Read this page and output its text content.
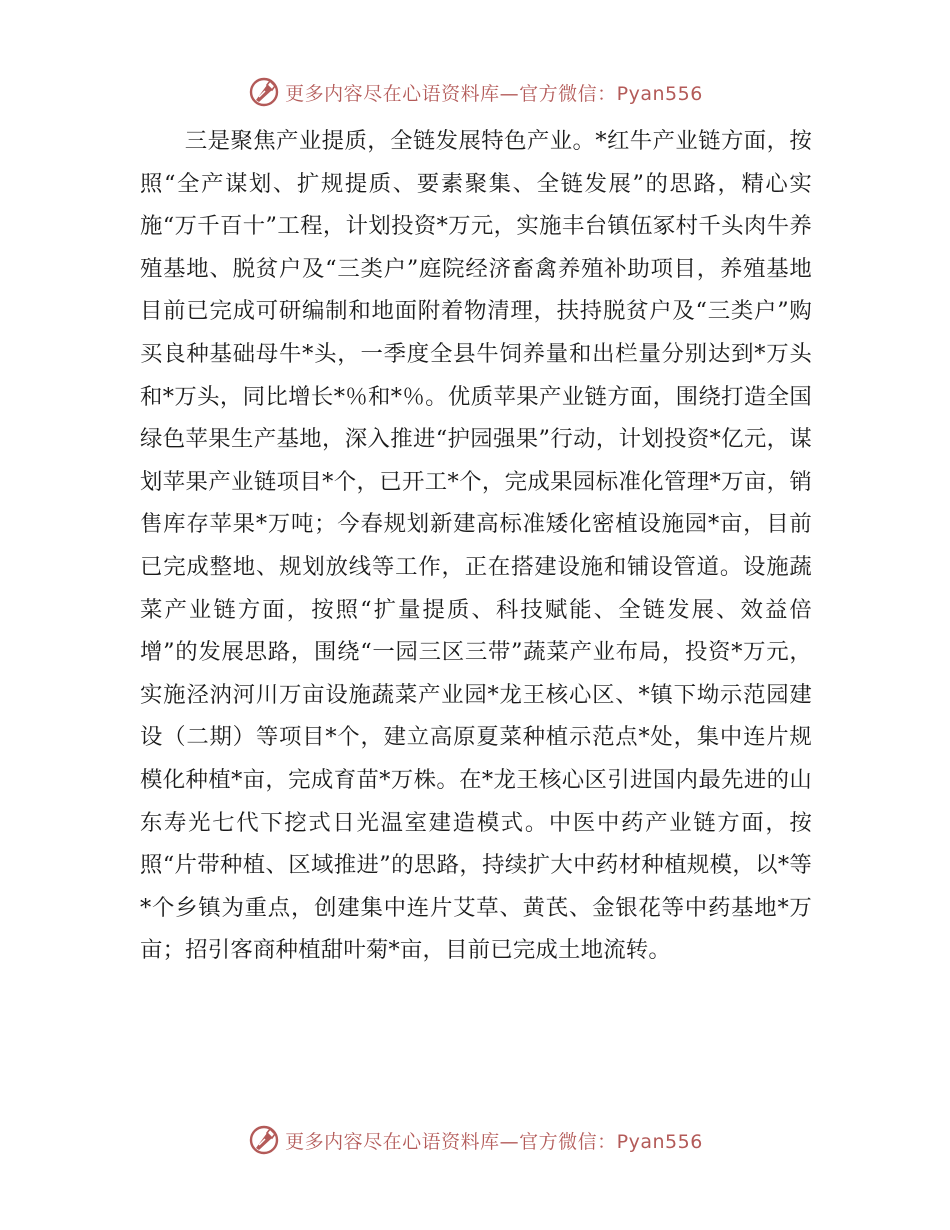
更多内容尽在心语资料库—官方微信：Pyan556

三是聚焦产业提质，全链发展特色产业。*红牛产业链方面，按照“全产谋划、扩规提质、要素聚集、全链发展”的思路，精心实施“万千百十”工程，计划投资*万元，实施丰台镇伍冢村千头肉牛养殖基地、脱贫户及“三类户”庭院经济畜禽养殖补助项目，养殖基地目前已完成可研编制和地面附着物清理，扶持脱贫户及“三类户”购买良种基础母牛*头，一季度全县牛饲养量和出栏量分别达到*万头和*万头，同比增长*％和*％。优质苹果产业链方面，围绕打造全国绿色苹果生产基地，深入推进“护园强果”行动，计划投资*亿元，谋划苹果产业链项目*个，已开工*个，完成果园标准化管理*万亩，销售库存苹果*万吨；今春规划新建高标准矮化密植设施园*亩，目前已完成整地、规划放线等工作，正在搭建设施和铺设管道。设施蔬菜产业链方面，按照“扩量提质、科技赋能、全链发展、效益倍增”的发展思路，围绕“一园三区三带”蔬菜产业布局，投资*万元，实施泾汭河川万亩设施蔬菜产业园*龙王核心区、*镇下坳示范园建设（二期）等项目*个，建立高原夏菜种植示范点*处，集中连片规模化种植*亩，完成育苗*万株。在*龙王核心区引进国内最先进的山东寿光七代下挖式日光温室建造模式。中医中药产业链方面，按照“片带种植、区域推进”的思路，持续扩大中药材种植规模，以*等*个乡镇为重点，创建集中连片艾草、黄芪、金银花等中药基地*万亩；招引客商种植甜叶菊*亩，目前已完成土地流转。

更多内容尽在心语资料库—官方微信：Pyan556
